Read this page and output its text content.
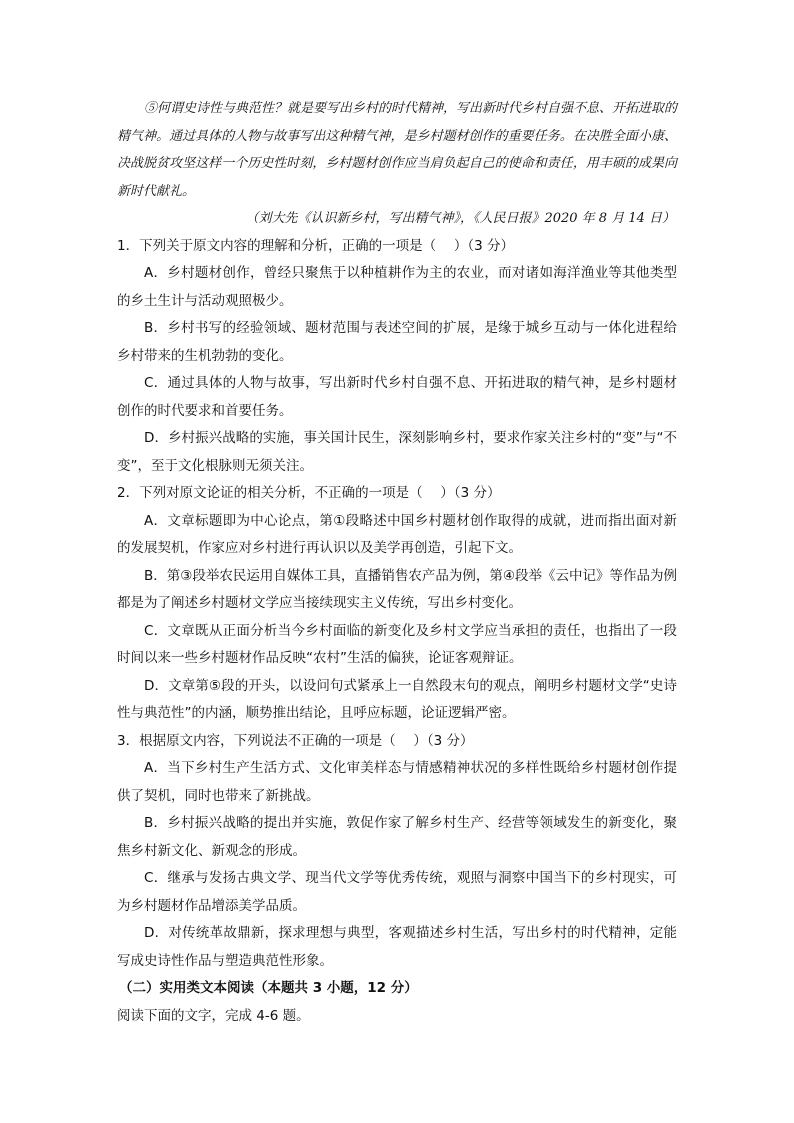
⑤何谓史诗性与典范性？就是要写出乡村的时代精神，写出新时代乡村自强不息、开拓进取的精气神。通过具体的人物与故事写出这种精气神，是乡村题材创作的重要任务。在决胜全面小康、决战脱贫攻坚这样一个历史性时刻，乡村题材创作应当肩负起自己的使命和责任，用丰硕的成果向新时代献礼。

（刘大先《认识新乡村，写出精气神》，《人民日报》2020 年 8 月 14 日）

1．下列关于原文内容的理解和分析，正确的一项是（　 ）（3 分）

A．乡村题材创作，曾经只聚焦于以种植耕作为主的农业，而对诸如海洋渔业等其他类型的乡土生计与活动观照极少。

B．乡村书写的经验领域、题材范围与表述空间的扩展，是缘于城乡互动与一体化进程给乡村带来的生机勃勃的变化。

C．通过具体的人物与故事，写出新时代乡村自强不息、开拓进取的精气神，是乡村题材创作的时代要求和首要任务。

D．乡村振兴战略的实施，事关国计民生，深刻影响乡村，要求作家关注乡村的“变”与“不变”，至于文化根脉则无须关注。

2．下列对原文论证的相关分析，不正确的一项是（　 ）（3 分）

A．文章标题即为中心论点，第①段略述中国乡村题材创作取得的成就，进而指出面对新的发展契机，作家应对乡村进行再认识以及美学再创造，引起下文。

B．第③段举农民运用自媒体工具，直播销售农产品为例，第④段举《云中记》等作品为例都是为了阐述乡村题材文学应当接续现实主义传统，写出乡村变化。

C．文章既从正面分析当今乡村面临的新变化及乡村文学应当承担的责任，也指出了一段时间以来一些乡村题材作品反映“农村”生活的偏狭，论证客观辩证。

D．文章第⑤段的开头，以设问句式紧承上一自然段末句的观点，阐明乡村题材文学“史诗性与典范性”的内涵，顺势推出结论，且呼应标题，论证逻辑严密。

3．根据原文内容，下列说法不正确的一项是（　 ）（3 分）

A．当下乡村生产生活方式、文化审美样态与情感精神状况的多样性既给乡村题材创作提供了契机，同时也带来了新挑战。

B．乡村振兴战略的提出并实施，敦促作家了解乡村生产、经营等领域发生的新变化，聚焦乡村新文化、新观念的形成。

C．继承与发扬古典文学、现当代文学等优秀传统，观照与洞察中国当下的乡村现实，可为乡村题材作品增添美学品质。

D．对传统革故鼎新，探求理想与典型，客观描述乡村生活，写出乡村的时代精神，定能写成史诗性作品与塑造典范性形象。

（二）实用类文本阅读（本题共 3 小题，12 分）

阅读下面的文字，完成 4-6 题。
